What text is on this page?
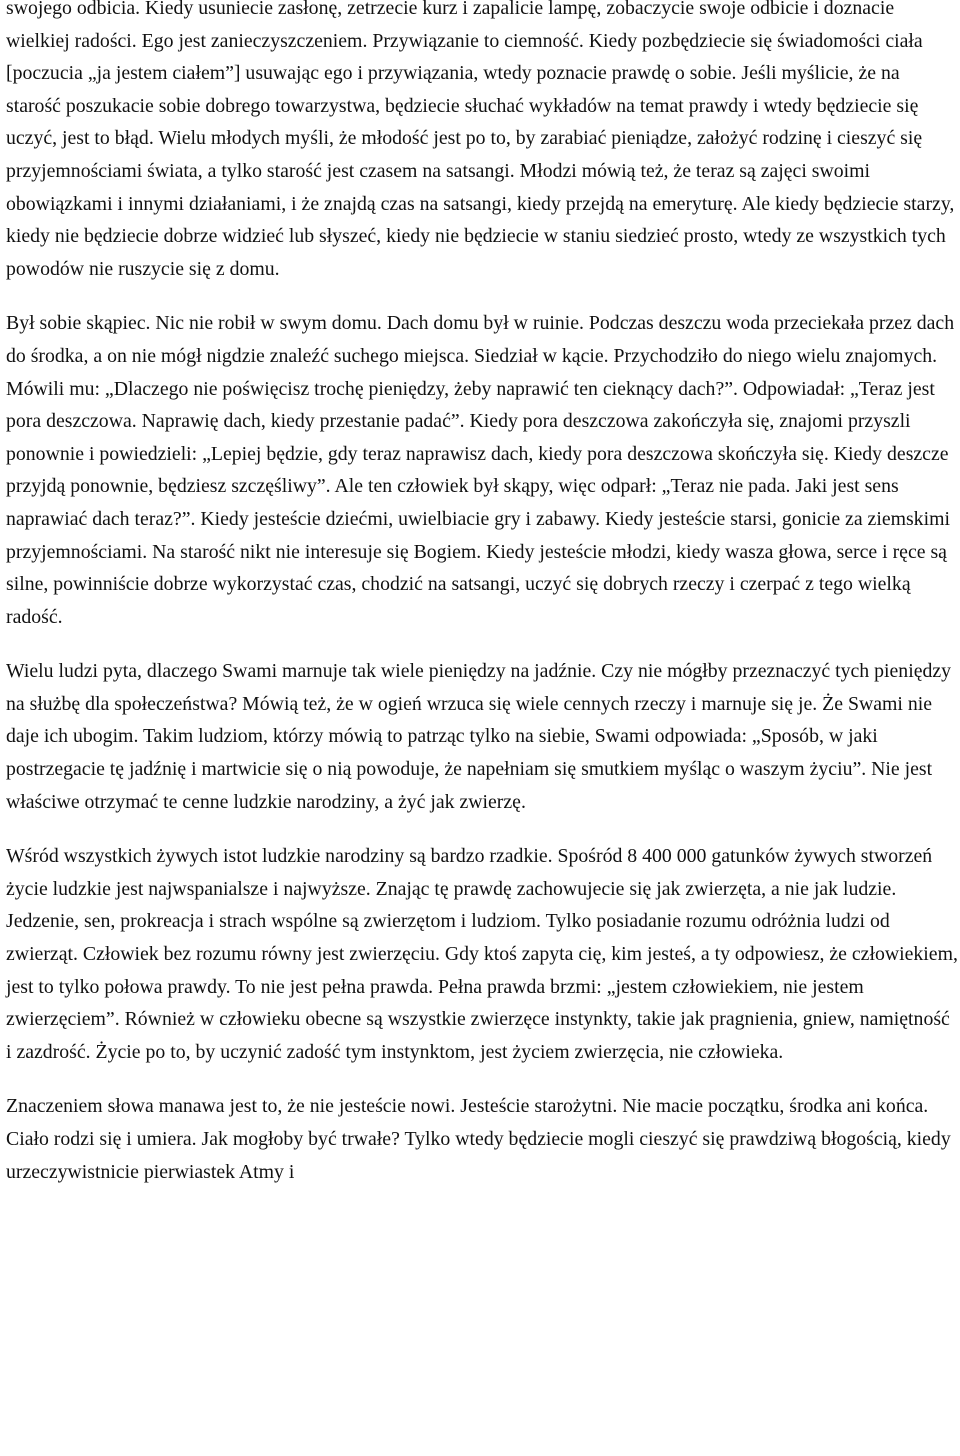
swojego odbicia. Kiedy usuniecie zasłonę, zetrzecie kurz i zapalicie lampę, zobaczycie swoje odbicie i doznacie wielkiej radości. Ego jest zanieczyszczeniem. Przywiązanie to ciemność. Kiedy pozbędziecie się świadomości ciała [poczucia „ja jestem ciałem”] usuwając ego i przywiązania, wtedy poznacie prawdę o sobie. Jeśli myślicie, że na starość poszukacie sobie dobrego towarzystwa, będziecie słuchać wykładów na temat prawdy i wtedy będziecie się uczyć, jest to błąd. Wielu młodych myśli, że młodość jest po to, by zarabiać pieniądze, założyć rodzinę i cieszyć się przyjemnościami świata, a tylko starość jest czasem na satsangi. Młodzi mówią też, że teraz są zajęci swoimi obowiązkami i innymi działaniami, i że znajdą czas na satsangi, kiedy przejdą na emeryturę. Ale kiedy będziecie starzy, kiedy nie będziecie dobrze widzieć lub słyszeć, kiedy nie będziecie w staniu siedzieć prosto, wtedy ze wszystkich tych powodów nie ruszycie się z domu.

Był sobie skąpiec. Nic nie robił w swym domu. Dach domu był w ruinie. Podczas deszczu woda przeciekała przez dach do środka, a on nie mógł nigdzie znaleźć suchego miejsca. Siedział w kącie. Przychodziło do niego wielu znajomych. Mówili mu: „Dlaczego nie poświęcisz trochę pieniędzy, żeby naprawić ten cieknący dach?”. Odpowiadał: „Teraz jest pora deszczowa. Naprawię dach, kiedy przestanie padać”. Kiedy pora deszczowa zakończyła się, znajomi przyszli ponownie i powiedzieli: „Lepiej będzie, gdy teraz naprawisz dach, kiedy pora deszczowa skończyła się. Kiedy deszcze przyjdą ponownie, będziesz szczęśliwy”. Ale ten człowiek był skąpy, więc odparł: „Teraz nie pada. Jaki jest sens naprawiać dach teraz?”. Kiedy jesteście dziećmi, uwielbiacie gry i zabawy. Kiedy jesteście starsi, gonicie za ziemskimi przyjemnościami. Na starość nikt nie interesuje się Bogiem. Kiedy jesteście młodzi, kiedy wasza głowa, serce i ręce są silne, powinniście dobrze wykorzystać czas, chodzić na satsangi, uczyć się dobrych rzeczy i czerpać z tego wielką radość.

Wielu ludzi pyta, dlaczego Swami marnuje tak wiele pieniędzy na jadźnie. Czy nie mógłby przeznaczyć tych pieniędzy na służbę dla społeczeństwa? Mówią też, że w ogień wrzuca się wiele cennych rzeczy i marnuje się je. Że Swami nie daje ich ubogim. Takim ludziom, którzy mówią to patrząc tylko na siebie, Swami odpowiada: „Sposób, w jaki postrzegacie tę jadźnię i martwicie się o nią powoduje, że napełniam się smutkiem myśląc o waszym życiu”. Nie jest właściwe otrzymać te cenne ludzkie narodziny, a żyć jak zwierzę.

Wśród wszystkich żywych istot ludzkie narodziny są bardzo rzadkie. Spośród 8 400 000 gatunków żywych stworzeń życie ludzkie jest najwspanialsze i najwyższe. Znając tę prawdę zachowujecie się jak zwierzęta, a nie jak ludzie. Jedzenie, sen, prokreacja i strach wspólne są zwierzętom i ludziom. Tylko posiadanie rozumu odróżnia ludzi od zwierząt. Człowiek bez rozumu równy jest zwierzęciu. Gdy ktoś zapyta cię, kim jesteś, a ty odpowiesz, że człowiekiem, jest to tylko połowa prawdy. To nie jest pełna prawda. Pełna prawda brzmi: „jestem człowiekiem, nie jestem zwierzęciem”. Również w człowieku obecne są wszystkie zwierzęce instynkty, takie jak pragnienia, gniew, namiętność i zazdrość. Życie po to, by uczynić zadość tym instynktom, jest życiem zwierzęcia, nie człowieka.

Znaczeniem słowa manawa jest to, że nie jesteście nowi. Jesteście starożytni. Nie macie początku, środka ani końca. Ciało rodzi się i umiera. Jak mogłoby być trwałe? Tylko wtedy będziecie mogli cieszyć się prawdziwą błogością, kiedy urzeczywistnicie pierwiastek Atmy i
